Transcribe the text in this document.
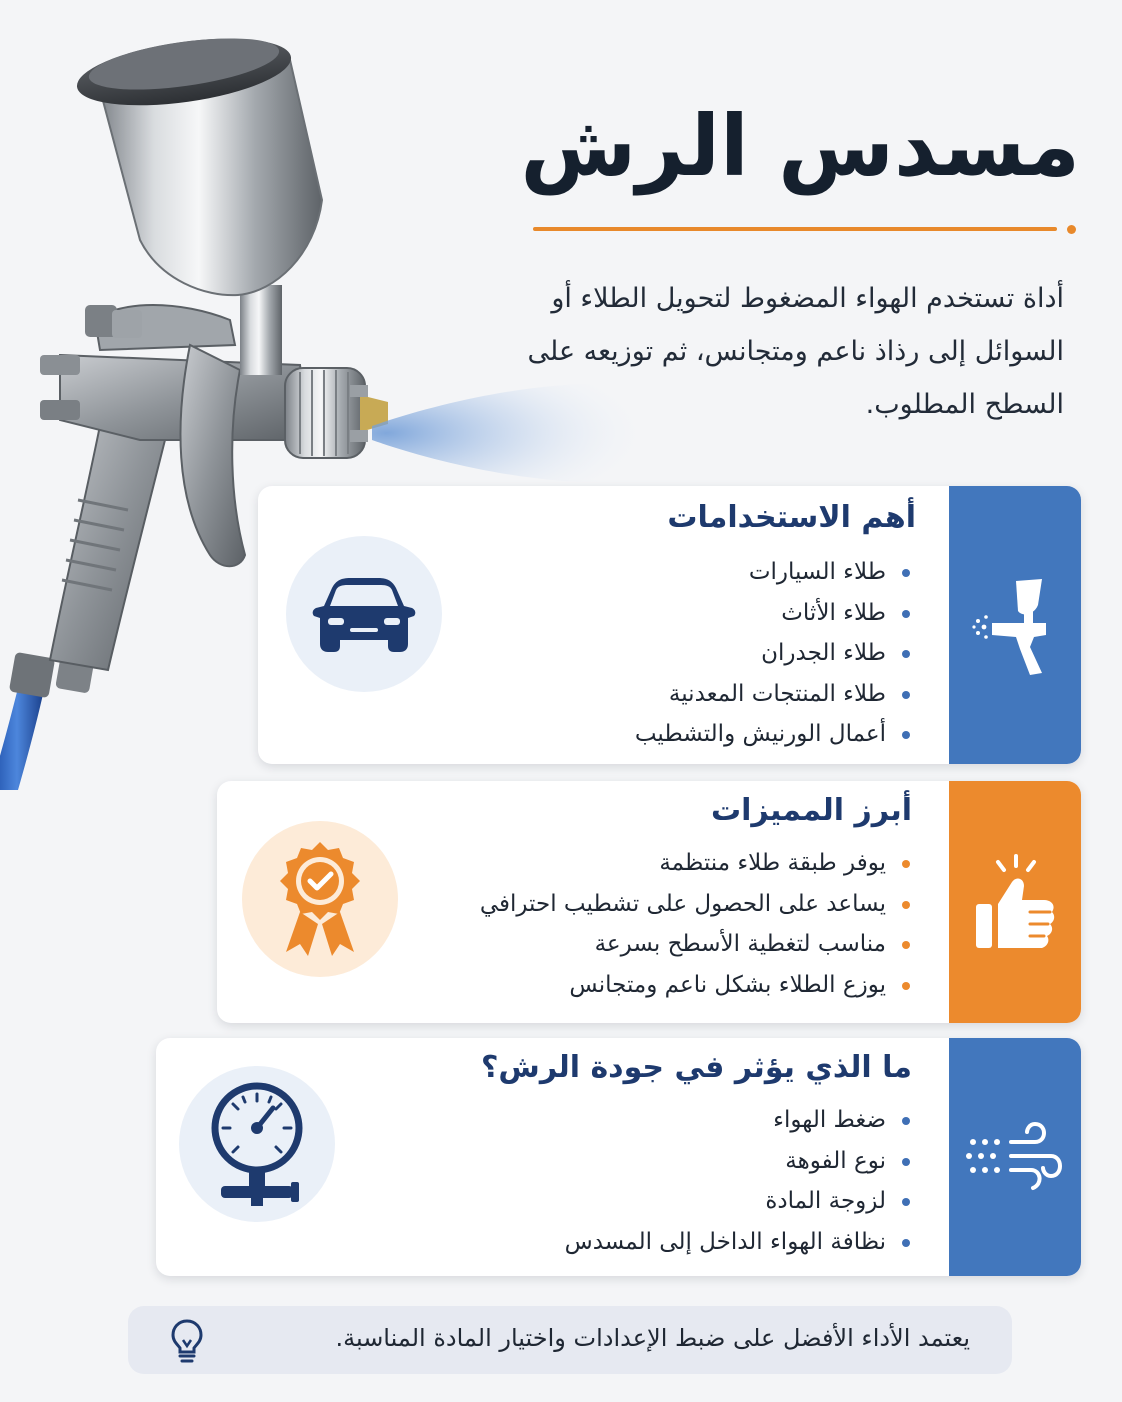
مسدس الرش
أداة تستخدم الهواء المضغوط لتحويل الطلاء أو السوائل إلى رذاذ ناعم ومتجانس، ثم توزيعه على السطح المطلوب.
أهم الاستخدامات
طلاء السيارات
طلاء الأثاث
طلاء الجدران
طلاء المنتجات المعدنية
أعمال الورنيش والتشطيب
أبرز المميزات
يوفر طبقة طلاء منتظمة
يساعد على الحصول على تشطيب احترافي
مناسب لتغطية الأسطح بسرعة
يوزع الطلاء بشكل ناعم ومتجانس
ما الذي يؤثر في جودة الرش؟
ضغط الهواء
نوع الفوهة
لزوجة المادة
نظافة الهواء الداخل إلى المسدس
يعتمد الأداء الأفضل على ضبط الإعدادات واختيار المادة المناسبة.
